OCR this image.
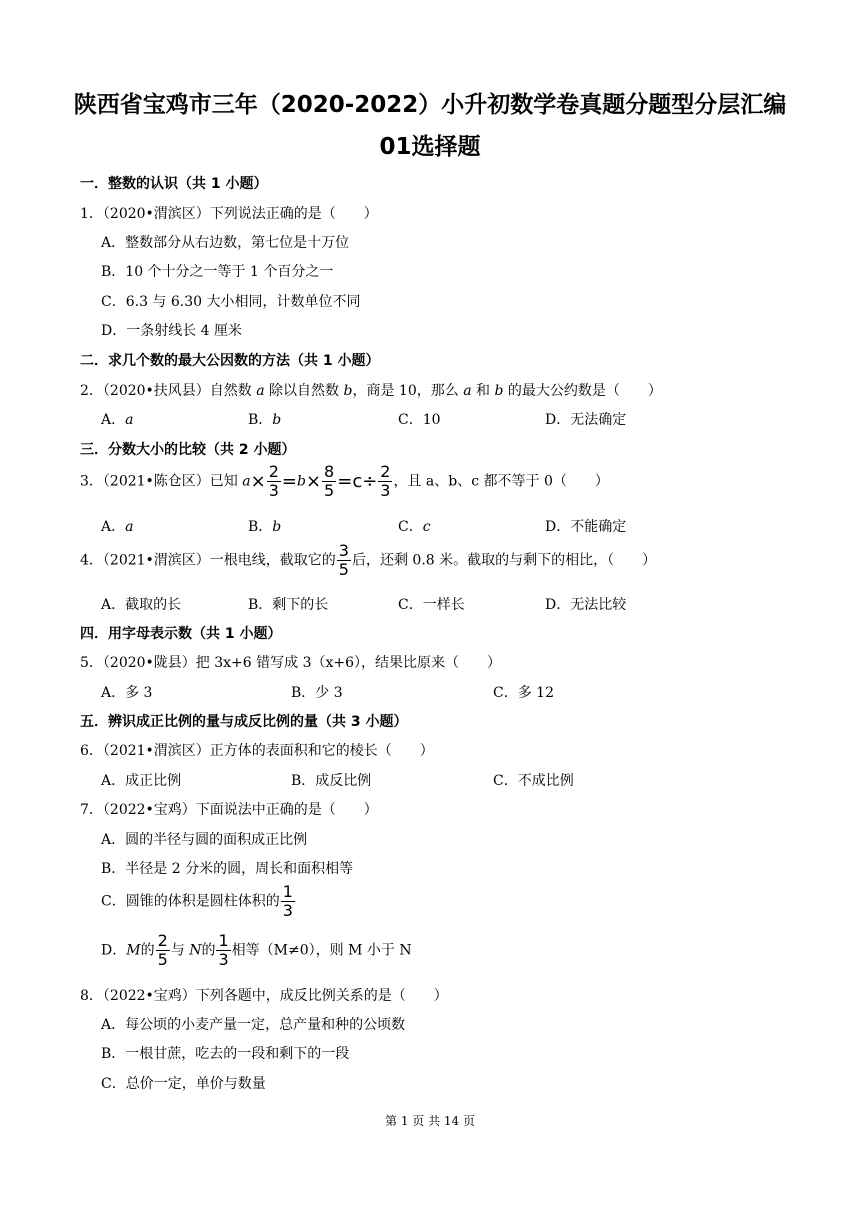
陕西省宝鸡市三年（2020-2022）小升初数学卷真题分题型分层汇编
01选择题
一．整数的认识（共 1 小题）
1．（2020•渭滨区）下列说法正确的是（　　）
A．整数部分从右边数，第七位是十万位
B．10 个十分之一等于 1 个百分之一
C．6.3 与 6.30 大小相同，计数单位不同
D．一条射线长 4 厘米
二．求几个数的最大公因数的方法（共 1 小题）
2．（2020•扶风县）自然数 a 除以自然数 b，商是 10，那么 a 和 b 的最大公约数是（　　）
A．a	B．b	C．10	D．无法确定
三．分数大小的比较（共 2 小题）
3．（2021•陈仓区）已知 $a\times \frac{2}{3} =b\times \frac{8}{5} =c\div \frac{2}{3}$ ，且 a、b、c 都不等于 0（　　）
A．a	B．b	C．c	D．不能确定
4．（2021•渭滨区）一根电线，截取它的 $\frac{3}{5}$ 后，还剩 0.8 米。截取的与剩下的相比，（　　）
A．截取的长	B．剩下的长	C．一样长	D．无法比较
四．用字母表示数（共 1 小题）
5．（2020•陇县）把 3x+6 错写成 3（x+6），结果比原来（　　）
A．多 3	B．少 3	C．多 12
五．辨识成正比例的量与成反比例的量（共 3 小题）
6．（2021•渭滨区）正方体的表面积和它的棱长（　　）
A．成正比例	B．成反比例	C．不成比例
7．（2022•宝鸡）下面说法中正确的是（　　）
A．圆的半径与圆的面积成正比例
B．半径是 2 分米的圆，周长和面积相等
C．圆锥的体积是圆柱体积的 $\frac{1}{3}$
D．M的 $\frac{2}{5}$ 与 N的 $\frac{1}{3}$ 相等（M≠0），则 M 小于 N
8．（2022•宝鸡）下列各题中，成反比例关系的是（　　）
A．每公顷的小麦产量一定，总产量和种的公顷数
B．一根甘蔗，吃去的一段和剩下的一段
C．总价一定，单价与数量
第 1 页 共 14 页
